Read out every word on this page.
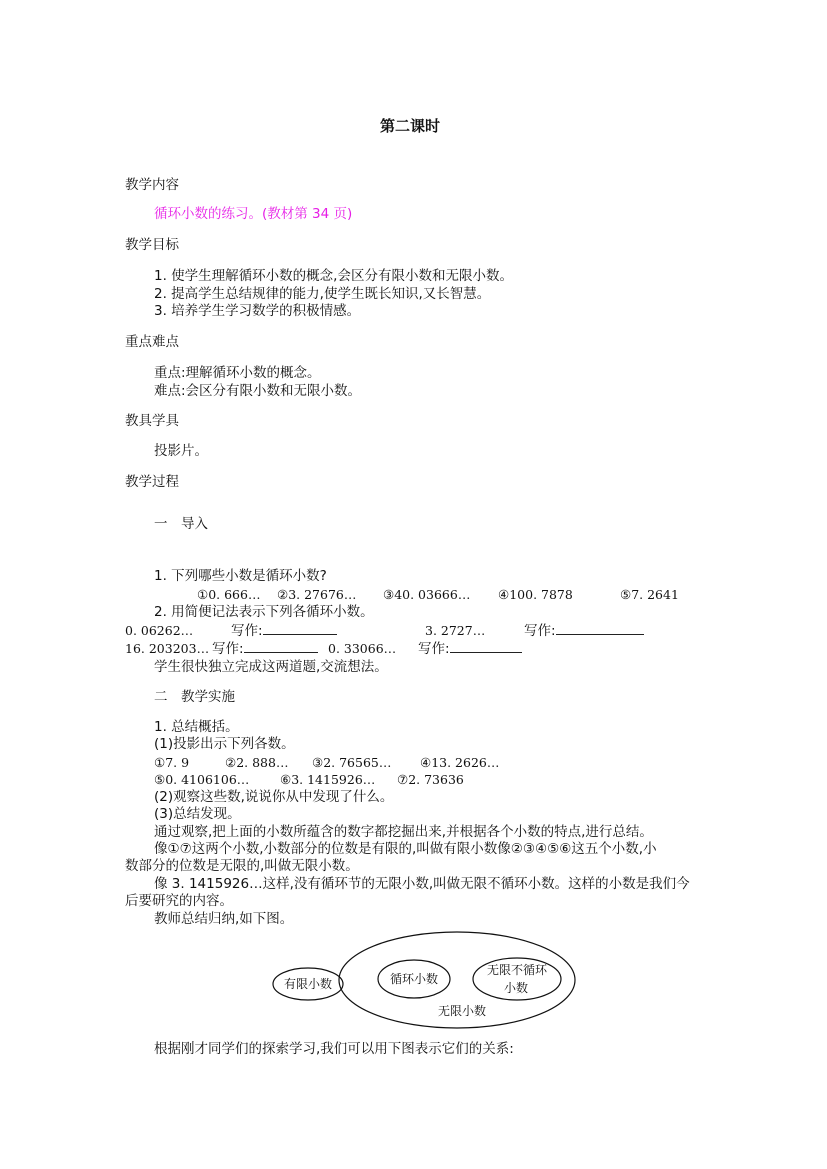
第二课时
教学内容
循环小数的练习。(教材第 34 页)
教学目标
1. 使学生理解循环小数的概念,会区分有限小数和无限小数。
2. 提高学生总结规律的能力,使学生既长知识,又长智慧。
3. 培养学生学习数学的积极情感。
重点难点
重点:理解循环小数的概念。
难点:会区分有限小数和无限小数。
教具学具
投影片。
教学过程
一　导入
1. 下列哪些小数是循环小数?
①0. 666… ②3. 27676… ③40. 03666… ④100. 7878	⑤7. 2641
2. 用简便记法表示下列各循环小数。
0. 06262…	写作:	3. 2727…	写作:
16. 203203… 写作:	0. 33066… 写作:
学生很快独立完成这两道题,交流想法。
二　教学实施
1. 总结概括。
(1)投影出示下列各数。
①7. 9	②2. 888… ③2. 76565… ④13. 2626…
⑤0. 4106106… ⑥3. 1415926… ⑦2. 73636
(2)观察这些数,说说你从中发现了什么。
(3)总结发现。
通过观察,把上面的小数所蕴含的数字都挖掘出来,并根据各个小数的特点,进行总结。
像①⑦这两个小数,小数部分的位数是有限的,叫做有限小数像②③④⑤⑥这五个小数,小
数部分的位数是无限的,叫做无限小数。
像 3. 1415926…这样,没有循环节的无限小数,叫做无限不循环小数。这样的小数是我们今
后要研究的内容。
教师总结归纳,如下图。
有限小数	循环小数
无限不循环
小数
无限小数
根据刚才同学们的探索学习,我们可以用下图表示它们的关系:
